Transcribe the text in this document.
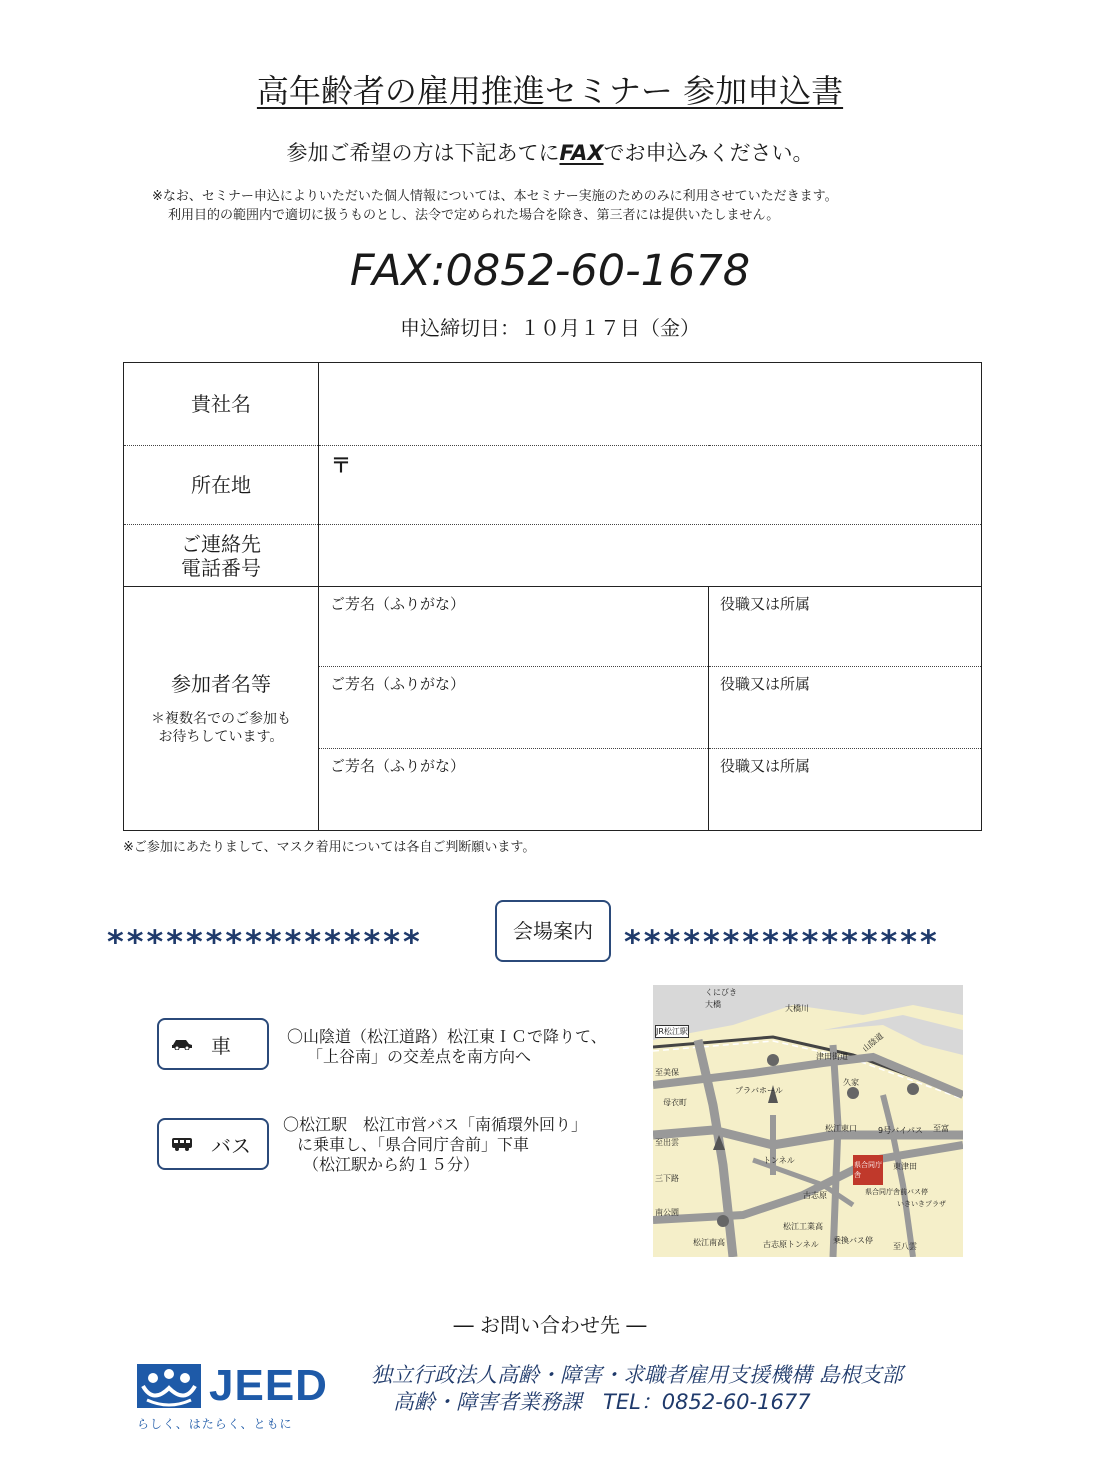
高年齢者の雇用推進セミナー 参加申込書
参加ご希望の方は下記あてにFAXでお申込みください。
※なお、セミナー申込によりいただいた個人情報については、本セミナー実施のためのみに利用させていただきます。
利用目的の範囲内で適切に扱うものとし、法令で定められた場合を除き、第三者には提供いたしません。
FAX:0852-60-1678
申込締切日：１０月１７日（金）
貴社名		
所在地	〒	

ご連絡先
電話番号		

参加者名等
＊複数名でのご参加も
お待ちしています。	ご芳名（ふりがな）	役職又は所属

	ご芳名（ふりがな）	役職又は所属

	ご芳名（ふりがな）	役職又は所属
※ご参加にあたりまして、マスク着用については各自ご判断願います。
****************	会場案内 ****************
車	〇山陰道（松江道路）松江東ＩＣで降りて、
「上谷南」の交差点を南方向へ
バス
〇松江駅　松江市営バス「南循環外回り」
に乗車し、「県合同庁舎前」下車
（松江駅から約１５分）
くにびき
大橋	大橋川
JR松江駅	山陰道
津田街道
至美保
プラバホール
久家
母衣町
至出雲
松江東口
トンネル	県合同庁舎
至富
9号バイパス
東津田
三下路
県合同庁舎前バス停
いきいきプラザ
古志原
松江工業高
南公園
乗換バス停
至八雲
松江南高	古志原トンネル
― お問い合わせ先 ―
JEED
らしく、はたらく、ともに
独立行政法人高齢・障害・求職者雇用支援機構 島根支部
高齢・障害者業務課　TEL：0852-60-1677
